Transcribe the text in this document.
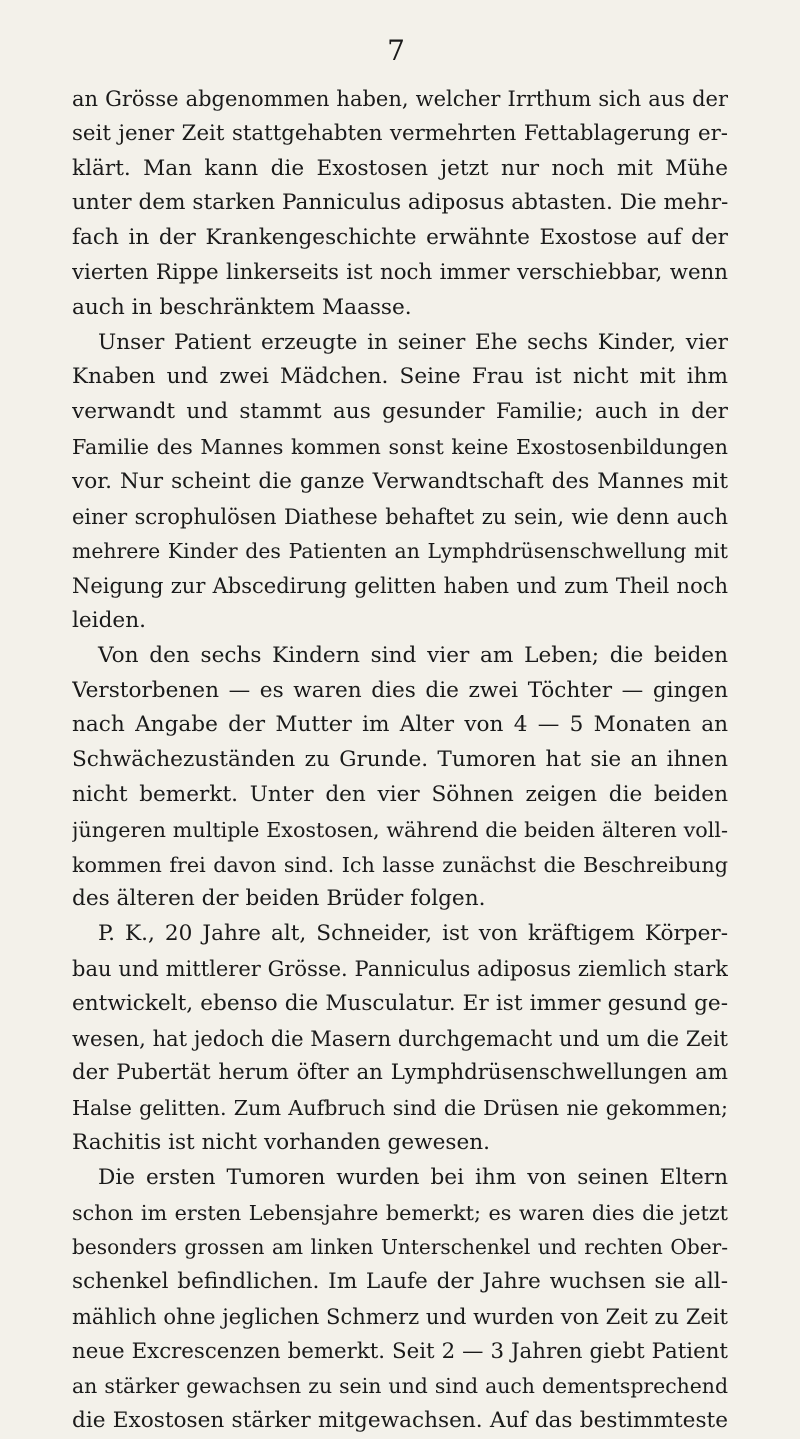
7
an Grösse abgenommen haben, welcher Irrthum sich aus der
seit jener Zeit stattgehabten vermehrten Fettablagerung er-
klärt. Man kann die Exostosen jetzt nur noch mit Mühe
unter dem starken Panniculus adiposus abtasten. Die mehr-
fach in der Krankengeschichte erwähnte Exostose auf der
vierten Rippe linkerseits ist noch immer verschiebbar, wenn
auch in beschränktem Maasse.
Unser Patient erzeugte in seiner Ehe sechs Kinder, vier
Knaben und zwei Mädchen. Seine Frau ist nicht mit ihm
verwandt und stammt aus gesunder Familie; auch in der
Familie des Mannes kommen sonst keine Exostosenbildungen
vor. Nur scheint die ganze Verwandtschaft des Mannes mit
einer scrophulösen Diathese behaftet zu sein, wie denn auch
mehrere Kinder des Patienten an Lymphdrüsenschwellung mit
Neigung zur Abscedirung gelitten haben und zum Theil noch
leiden.
Von den sechs Kindern sind vier am Leben; die beiden
Verstorbenen — es waren dies die zwei Töchter — gingen
nach Angabe der Mutter im Alter von 4 — 5 Monaten an
Schwächezuständen zu Grunde. Tumoren hat sie an ihnen
nicht bemerkt. Unter den vier Söhnen zeigen die beiden
jüngeren multiple Exostosen, während die beiden älteren voll-
kommen frei davon sind. Ich lasse zunächst die Beschreibung
des älteren der beiden Brüder folgen.
P. K., 20 Jahre alt, Schneider, ist von kräftigem Körper-
bau und mittlerer Grösse. Panniculus adiposus ziemlich stark
entwickelt, ebenso die Musculatur. Er ist immer gesund ge-
wesen, hat jedoch die Masern durchgemacht und um die Zeit
der Pubertät herum öfter an Lymphdrüsenschwellungen am
Halse gelitten. Zum Aufbruch sind die Drüsen nie gekommen;
Rachitis ist nicht vorhanden gewesen.
Die ersten Tumoren wurden bei ihm von seinen Eltern
schon im ersten Lebensjahre bemerkt; es waren dies die jetzt
besonders grossen am linken Unterschenkel und rechten Ober-
schenkel befindlichen. Im Laufe der Jahre wuchsen sie all-
mählich ohne jeglichen Schmerz und wurden von Zeit zu Zeit
neue Excrescenzen bemerkt. Seit 2 — 3 Jahren giebt Patient
an stärker gewachsen zu sein und sind auch dementsprechend
die Exostosen stärker mitgewachsen. Auf das bestimmteste
